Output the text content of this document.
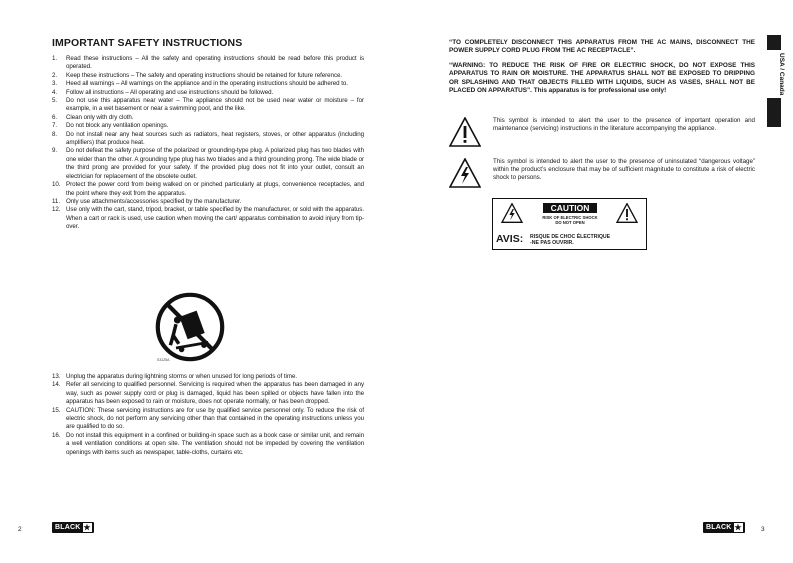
IMPORTANT SAFETY INSTRUCTIONS
1. Read these instructions – All the safety and operating instructions should be read before this product is operated.
2. Keep these instructions – The safety and operating instructions should be retained for future reference.
3. Heed all warnings – All warnings on the appliance and in the operating instructions should be adhered to.
4. Follow all instructions – All operating and use instructions should be followed.
5. Do not use this apparatus near water – The appliance should not be used near water or moisture – for example, in a wet basement or near a swimming pool, and the like.
6. Clean only with dry cloth.
7. Do not block any ventilation openings.
8. Do not install near any heat sources such as radiators, heat registers, stoves, or other apparatus (including amplifiers) that produce heat.
9. Do not defeat the safety purpose of the polarized or grounding-type plug. A polarized plug has two blades with one wider than the other. A grounding type plug has two blades and a third grounding prong. The wide blade or the third prong are provided for your safety. If the provided plug does not fit into your outlet, consult an electrician for replacement of the obsolete outlet.
10. Protect the power cord from being walked on or pinched particularly at plugs, convenience receptacles, and the point where they exit from the apparatus.
11. Only use attachments/accessories specified by the manufacturer.
12. Use only with the cart, stand, tripod, bracket, or table specified by the manufacturer, or sold with the apparatus. When a cart or rack is used, use caution when moving the cart/ apparatus combination to avoid injury from tip-over.
S3125A
13. Unplug the apparatus during lightning storms or when unused for long periods of time.
14. Refer all servicing to qualified personnel. Servicing is required when the apparatus has been damaged in any way, such as power supply cord or plug is damaged, liquid has been spilled or objects have fallen into the apparatus has been exposed to rain or moisture, does not operate normally, or has been dropped.
15. CAUTION: These servicing instructions are for use by qualified service personnel only. To reduce the risk of electric shock, do not perform any servicing other than that contained in the operating instructions unless you are qualified to do so.
16. Do not install this equipment in a confined or building-in space such as a book case or similar unit, and remain a well ventilation conditions at open site. The ventilation should not be impeded by covering the ventilation openings with items such as newspaper, table-cloths, curtains etc.
2	BLACK ★

“TO COMPLETELY DISCONNECT THIS APPARATUS FROM THE AC MAINS, DISCONNECT THE POWER SUPPLY CORD PLUG FROM THE AC RECEPTACLE”.

“WARNING: TO REDUCE THE RISK OF FIRE OR ELECTRIC SHOCK, DO NOT EXPOSE THIS APPARATUS TO RAIN OR MOISTURE. THE APPARATUS SHALL NOT BE EXPOSED TO DRIPPING OR SPLASHING AND THAT OBJECTS FILLED WITH LIQUIDS, SUCH AS VASES, SHALL NOT BE PLACED ON APPARATUS”. This apparatus is for professional use only!

This symbol is intended to alert the user to the presence of important operation and maintenance (servicing) instructions in the literature accompanying the appliance.

This symbol is intended to alert the user to the presence of uninsulated “dangerous voltage” within the product’s enclosure that may be of sufficient magnitude to constitute a risk of electric shock to persons.

CAUTION
RISK OF ELECTRIC SHOCK
DO NOT OPEN
AVIS: RISQUE DE CHOC ÉLECTRIQUE
-NE PAS OUVRIR.
USA / Canada
BLACK ★	3
